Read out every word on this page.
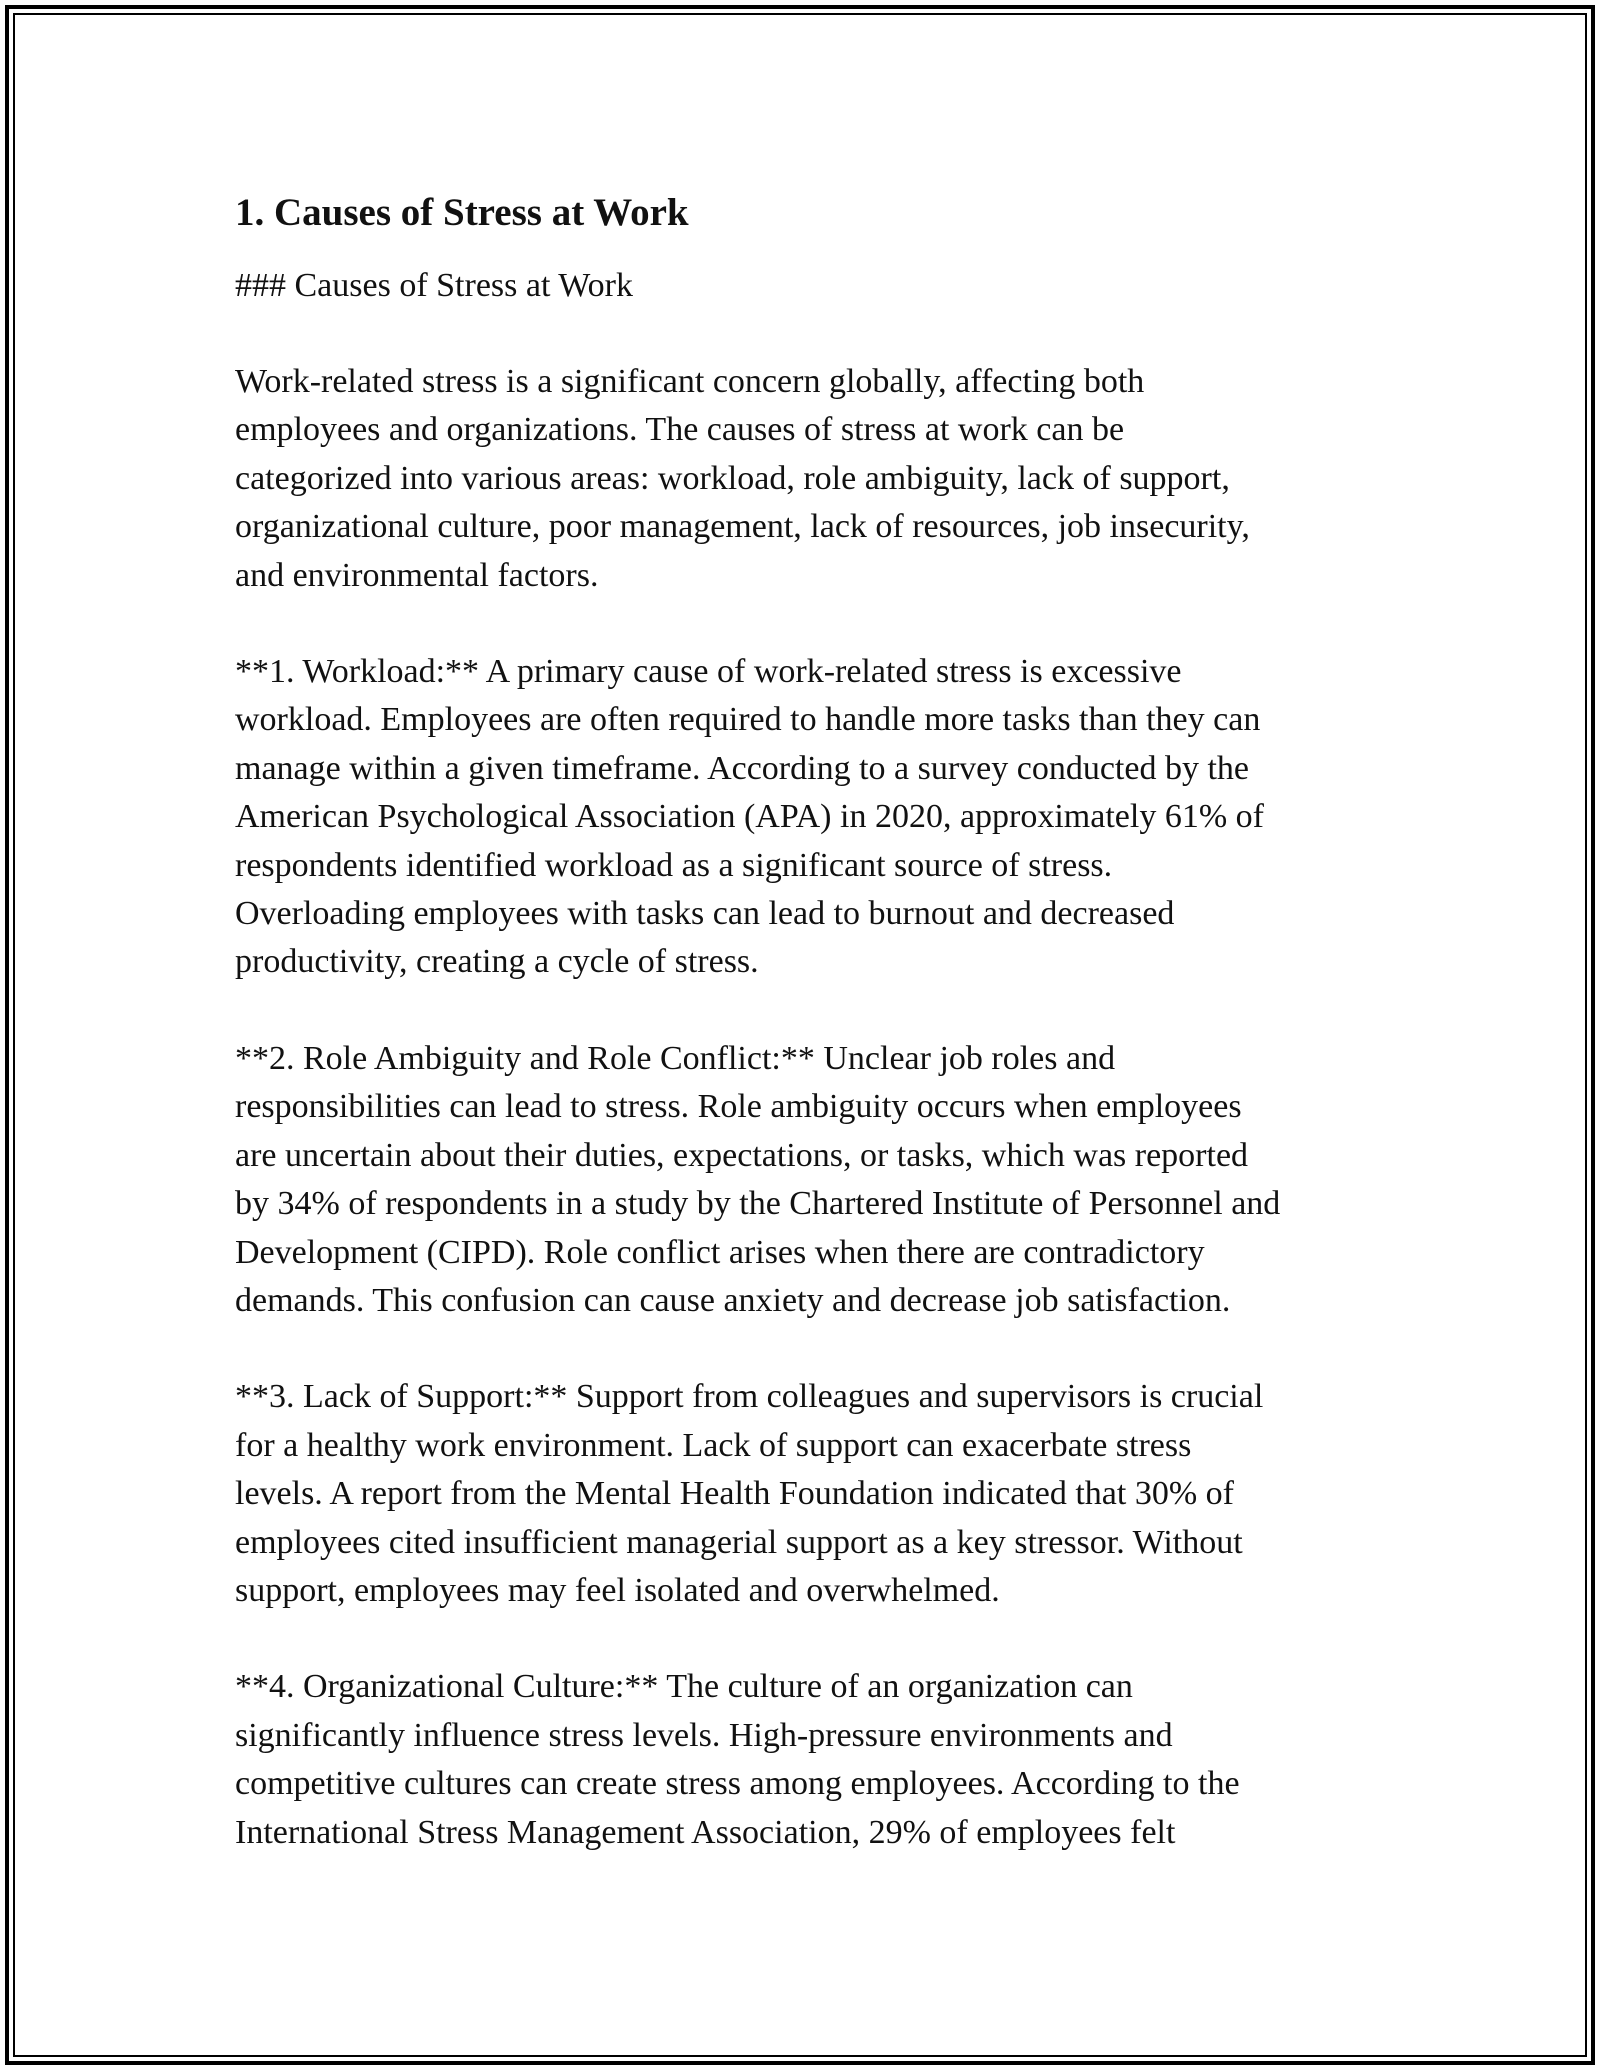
1. Causes of Stress at Work
### Causes of Stress at Work
Work-related stress is a significant concern globally, affecting both
employees and organizations. The causes of stress at work can be
categorized into various areas: workload, role ambiguity, lack of support,
organizational culture, poor management, lack of resources, job insecurity,
and environmental factors.
**1. Workload:** A primary cause of work-related stress is excessive
workload. Employees are often required to handle more tasks than they can
manage within a given timeframe. According to a survey conducted by the
American Psychological Association (APA) in 2020, approximately 61% of
respondents identified workload as a significant source of stress.
Overloading employees with tasks can lead to burnout and decreased
productivity, creating a cycle of stress.
**2. Role Ambiguity and Role Conflict:** Unclear job roles and
responsibilities can lead to stress. Role ambiguity occurs when employees
are uncertain about their duties, expectations, or tasks, which was reported
by 34% of respondents in a study by the Chartered Institute of Personnel and
Development (CIPD). Role conflict arises when there are contradictory
demands. This confusion can cause anxiety and decrease job satisfaction.
**3. Lack of Support:** Support from colleagues and supervisors is crucial
for a healthy work environment. Lack of support can exacerbate stress
levels. A report from the Mental Health Foundation indicated that 30% of
employees cited insufficient managerial support as a key stressor. Without
support, employees may feel isolated and overwhelmed.
**4. Organizational Culture:** The culture of an organization can
significantly influence stress levels. High-pressure environments and
competitive cultures can create stress among employees. According to the
International Stress Management Association, 29% of employees felt
